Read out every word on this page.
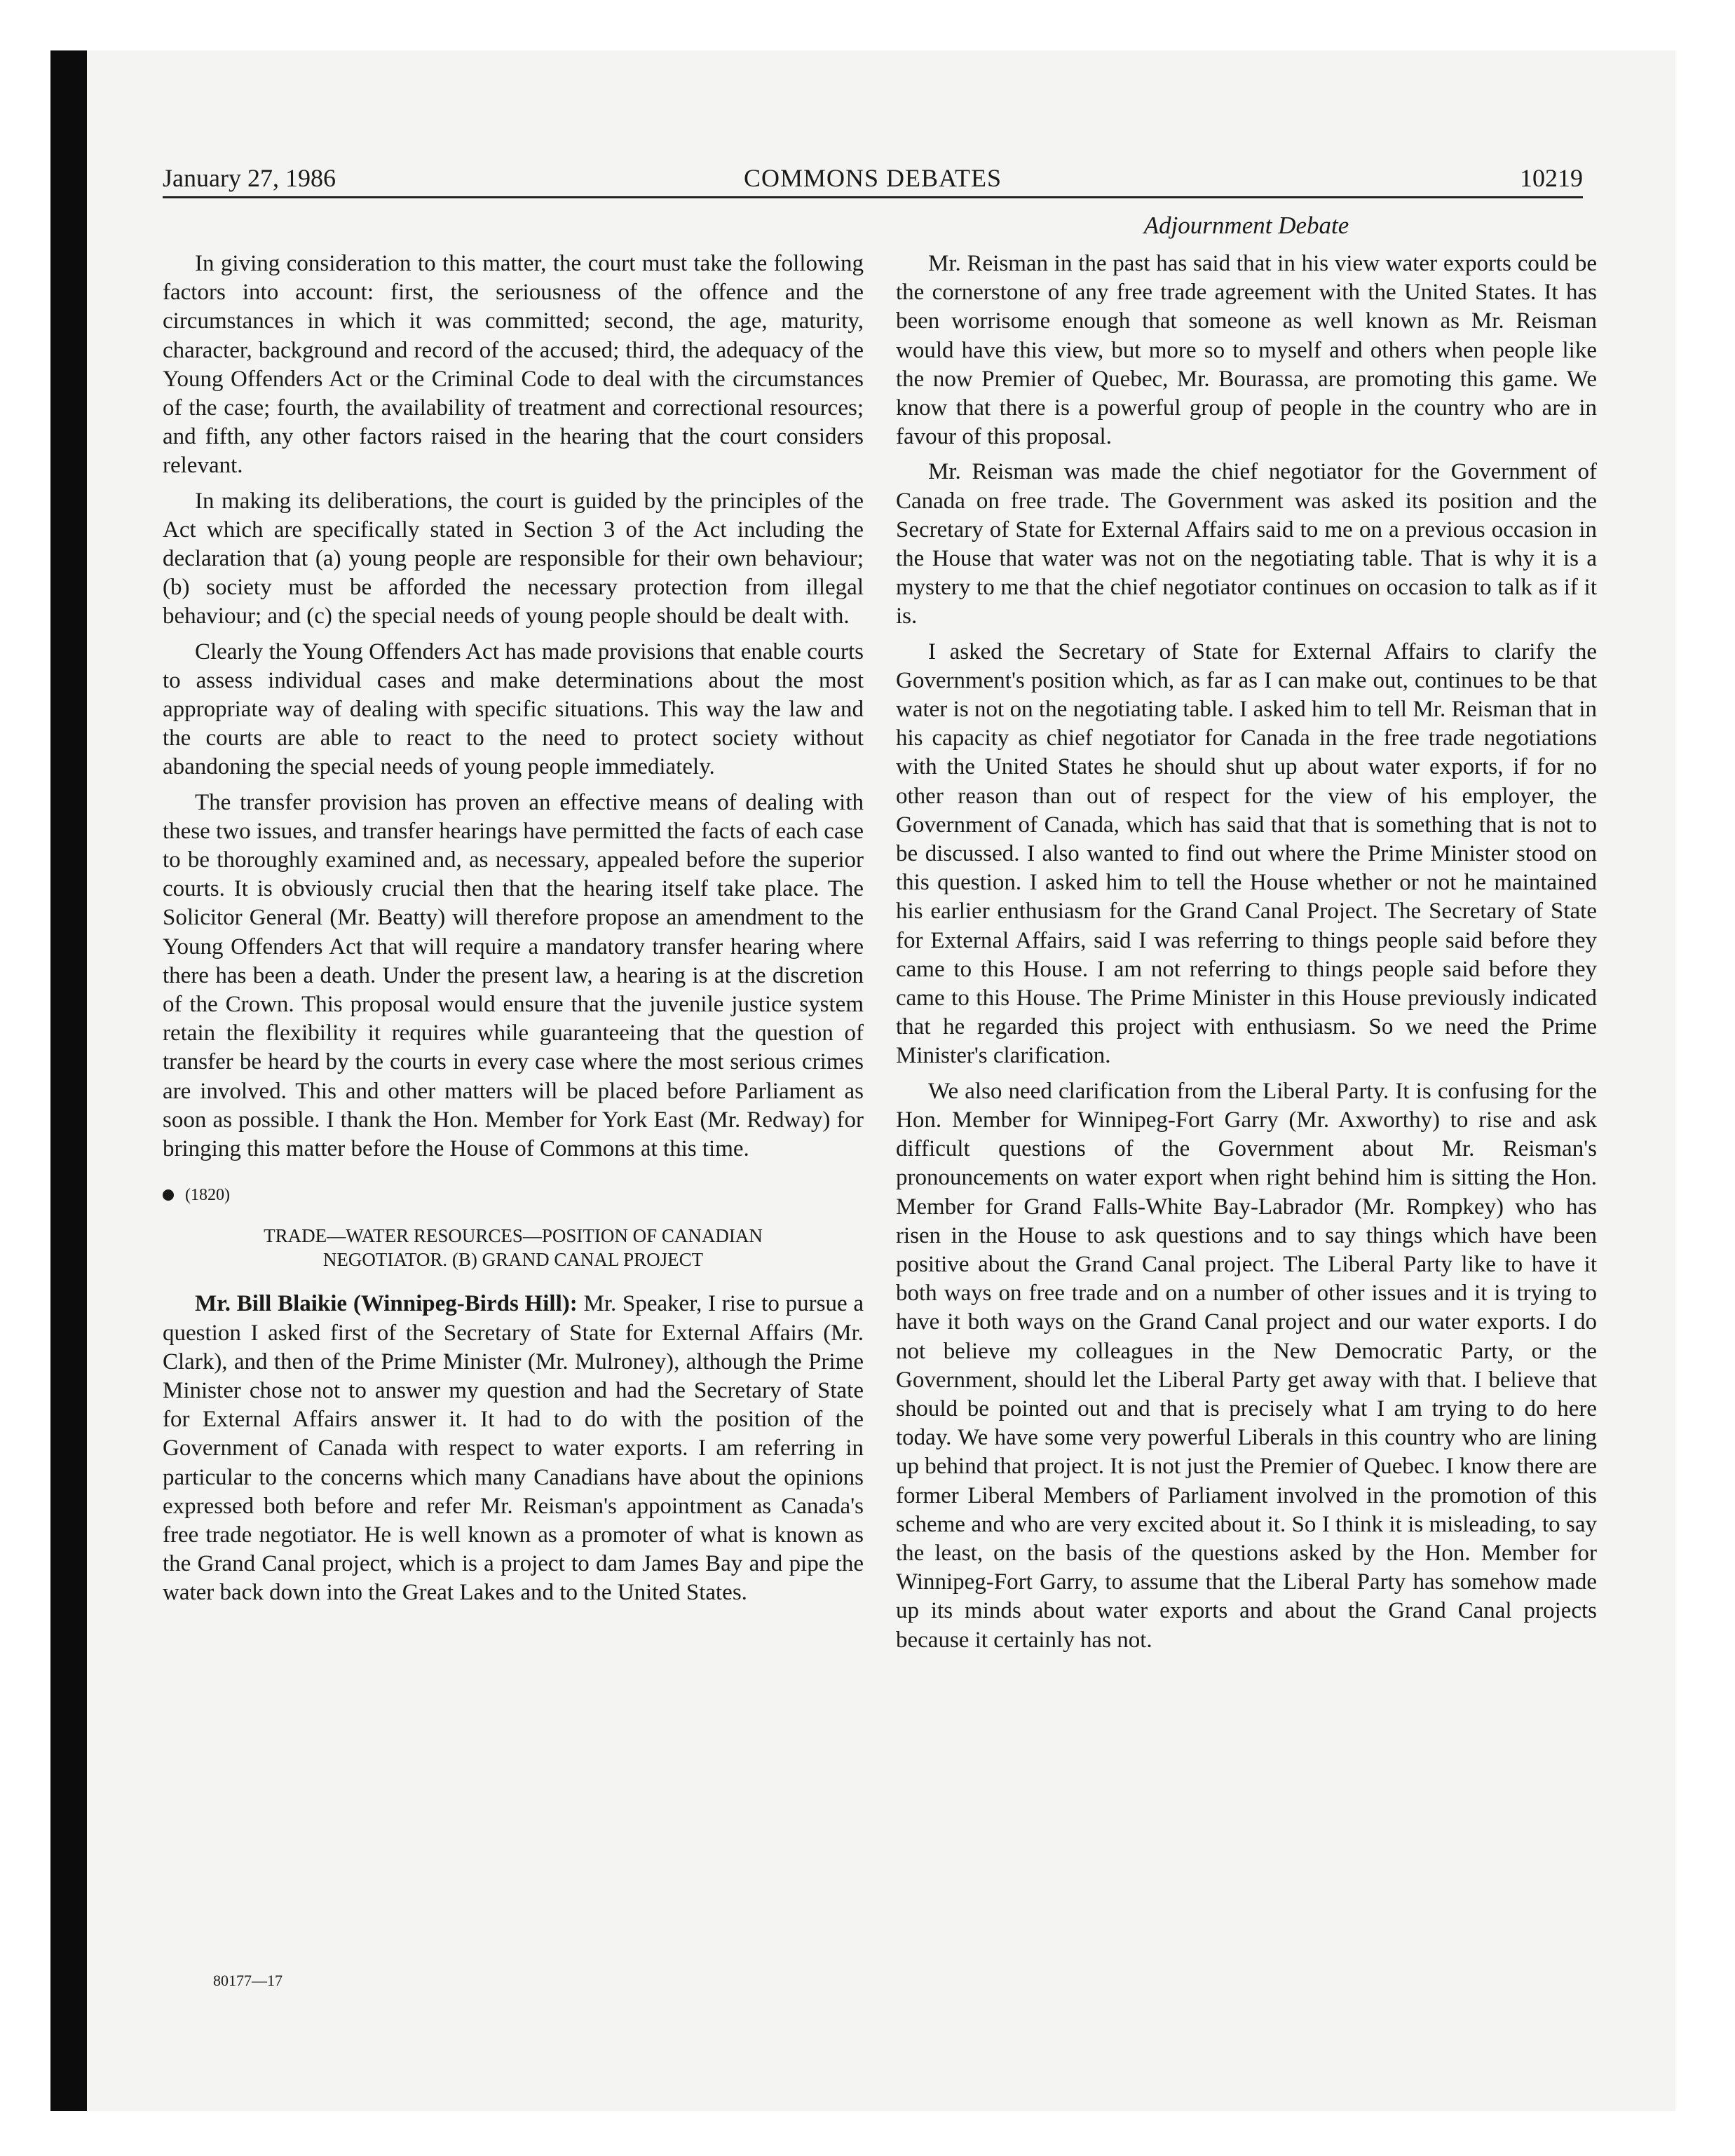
January 27, 1986	COMMONS DEBATES	10219

In giving consideration to this matter, the court must take the following factors into account: first, the seriousness of the offence and the circumstances in which it was committed; second, the age, maturity, character, background and record of the accused; third, the adequacy of the Young Offenders Act or the Criminal Code to deal with the circumstances of the case; fourth, the availability of treatment and correctional resources; and fifth, any other factors raised in the hearing that the court considers relevant.

In making its deliberations, the court is guided by the principles of the Act which are specifically stated in Section 3 of the Act including the declaration that (a) young people are responsible for their own behaviour; (b) society must be afforded the necessary protection from illegal behaviour; and (c) the special needs of young people should be dealt with.

Clearly the Young Offenders Act has made provisions that enable courts to assess individual cases and make determinations about the most appropriate way of dealing with specific situations. This way the law and the courts are able to react to the need to protect society without abandoning the special needs of young people immediately.

The transfer provision has proven an effective means of dealing with these two issues, and transfer hearings have permitted the facts of each case to be thoroughly examined and, as necessary, appealed before the superior courts. It is obviously crucial then that the hearing itself take place. The Solicitor General (Mr. Beatty) will therefore propose an amendment to the Young Offenders Act that will require a mandatory transfer hearing where there has been a death. Under the present law, a hearing is at the discretion of the Crown. This proposal would ensure that the juvenile justice system retain the flexibility it requires while guaranteeing that the question of transfer be heard by the courts in every case where the most serious crimes are involved. This and other matters will be placed before Parliament as soon as possible. I thank the Hon. Member for York East (Mr. Redway) for bringing this matter before the House of Commons at this time.

(1820)
TRADE—WATER RESOURCES—POSITION OF CANADIAN
NEGOTIATOR. (B) GRAND CANAL PROJECT

Mr. Bill Blaikie (Winnipeg-Birds Hill): Mr. Speaker, I rise to pursue a question I asked first of the Secretary of State for External Affairs (Mr. Clark), and then of the Prime Minister (Mr. Mulroney), although the Prime Minister chose not to answer my question and had the Secretary of State for External Affairs answer it. It had to do with the position of the Government of Canada with respect to water exports. I am referring in particular to the concerns which many Canadians have about the opinions expressed both before and refer Mr. Reisman's appointment as Canada's free trade negotiator. He is well known as a promoter of what is known as the Grand Canal project, which is a project to dam James Bay and pipe the water back down into the Great Lakes and to the United States.

Adjournment Debate

Mr. Reisman in the past has said that in his view water exports could be the cornerstone of any free trade agreement with the United States. It has been worrisome enough that someone as well known as Mr. Reisman would have this view, but more so to myself and others when people like the now Premier of Quebec, Mr. Bourassa, are promoting this game. We know that there is a powerful group of people in the country who are in favour of this proposal.

Mr. Reisman was made the chief negotiator for the Government of Canada on free trade. The Government was asked its position and the Secretary of State for External Affairs said to me on a previous occasion in the House that water was not on the negotiating table. That is why it is a mystery to me that the chief negotiator continues on occasion to talk as if it is.

I asked the Secretary of State for External Affairs to clarify the Government's position which, as far as I can make out, continues to be that water is not on the negotiating table. I asked him to tell Mr. Reisman that in his capacity as chief negotiator for Canada in the free trade negotiations with the United States he should shut up about water exports, if for no other reason than out of respect for the view of his employer, the Government of Canada, which has said that that is something that is not to be discussed. I also wanted to find out where the Prime Minister stood on this question. I asked him to tell the House whether or not he maintained his earlier enthusiasm for the Grand Canal Project. The Secretary of State for External Affairs, said I was referring to things people said before they came to this House. I am not referring to things people said before they came to this House. The Prime Minister in this House previously indicated that he regarded this project with enthusiasm. So we need the Prime Minister's clarification.

We also need clarification from the Liberal Party. It is confusing for the Hon. Member for Winnipeg-Fort Garry (Mr. Axworthy) to rise and ask difficult questions of the Government about Mr. Reisman's pronouncements on water export when right behind him is sitting the Hon. Member for Grand Falls-White Bay-Labrador (Mr. Rompkey) who has risen in the House to ask questions and to say things which have been positive about the Grand Canal project. The Liberal Party like to have it both ways on free trade and on a number of other issues and it is trying to have it both ways on the Grand Canal project and our water exports. I do not believe my colleagues in the New Democratic Party, or the Government, should let the Liberal Party get away with that. I believe that should be pointed out and that is precisely what I am trying to do here today. We have some very powerful Liberals in this country who are lining up behind that project. It is not just the Premier of Quebec. I know there are former Liberal Members of Parliament involved in the promotion of this scheme and who are very excited about it. So I think it is misleading, to say the least, on the basis of the questions asked by the Hon. Member for Winnipeg-Fort Garry, to assume that the Liberal Party has somehow made up its minds about water exports and about the Grand Canal projects because it certainly has not.

80177—17
